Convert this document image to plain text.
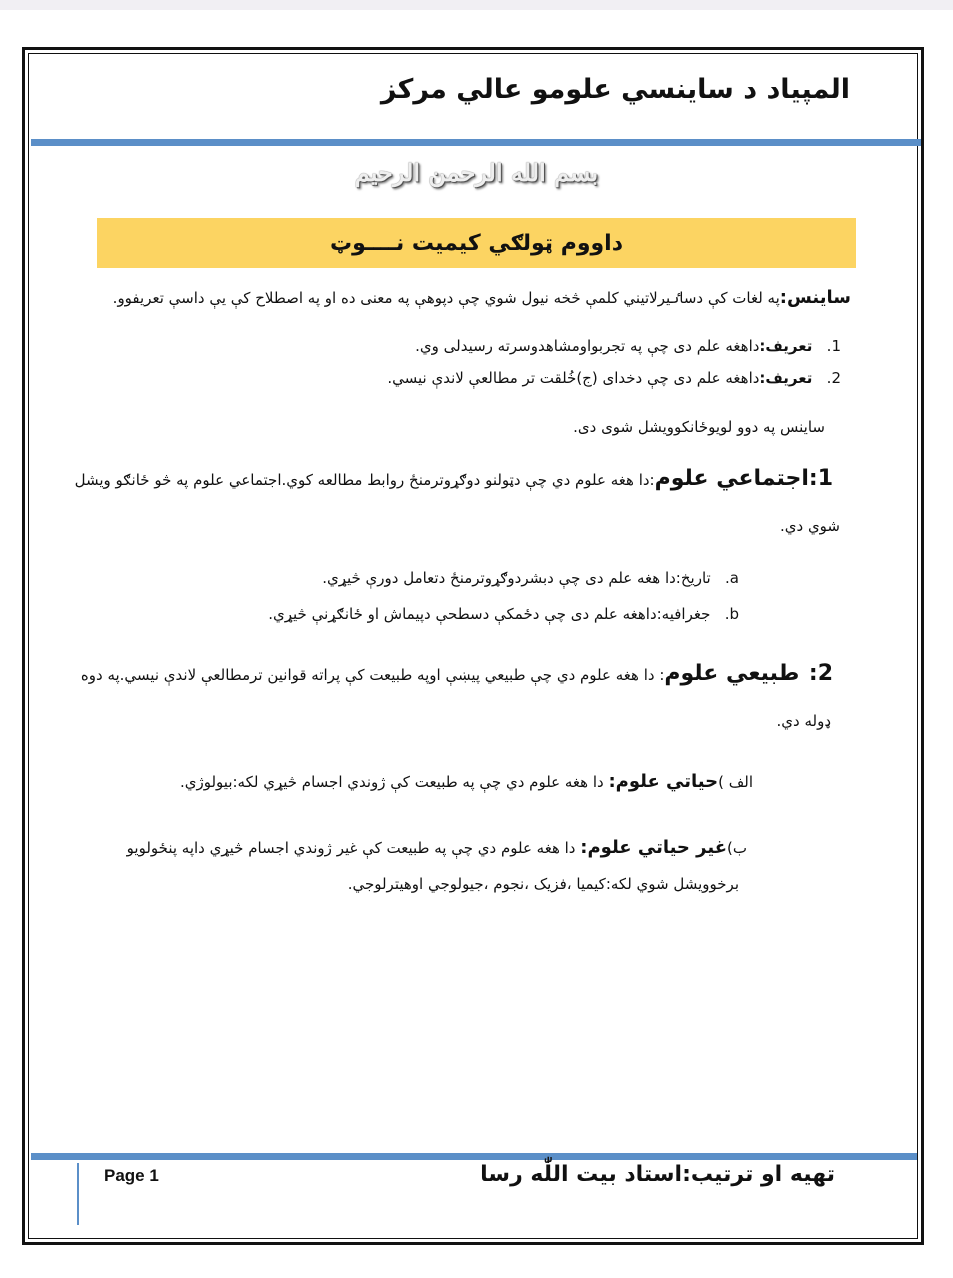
المپیاد د ساینسي علومو عالي مرکز
بسم الله الرحمن الرحیم
داووم ټولګي کیمیت نــــوټ
ساینس:په لغات کې دساٸیرلاتیني کلمې څخه نیول شوي چې دپوهې په معنی ده او په اصطلاح کې یې داسې تعریفوو.
1.   تعریف:داهغه علم دی چې په تجربواومشاهدوسرته رسیدلی وي.
2.   تعریف:داهغه علم دی چې دخدای (ج)خُلقت تر مطالعې لاندې نیسي.
ساینس په دوو لویوځانکوویشل شوی دی.
1:اجتماعي علوم:دا هغه علوم دي چې دټولنو دوګړوترمنځ روابط مطالعه کوي.اجتماعي علوم په څو ځانګو ویشل
شوي دي.
a.   تاریخ:دا هغه علم دی چې دبشردوګړوترمنځ دتعامل دورې څیړي.
b.   جغرافیه:داهغه علم دی چې دځمکې دسطحې دپیماش او ځانګړنې څیړي.
2:  طبیعي علوم: دا هغه علوم دي چې طبیعي پیښې اوپه طبیعت کې پراته قوانین ترمطالعې لاندې نیسي.په دوه
ډوله دي.
الف )حیاتي علوم: دا هغه علوم دي چې په طبیعت کې ژوندي اجسام څیړي لکه:بیولوژي.
ب)غیر حیاتي علوم: دا هغه علوم دي چې په طبیعت کې غیر ژوندي اجسام څیړي داپه پنځولویو
برخوویشل شوي لکه:کیمیا ،فزیک ،نجوم ،جیولوجي اوهیترلوجي.
Page 1	تهیه او ترتیب:استاد بیت اللّٰه رسا
